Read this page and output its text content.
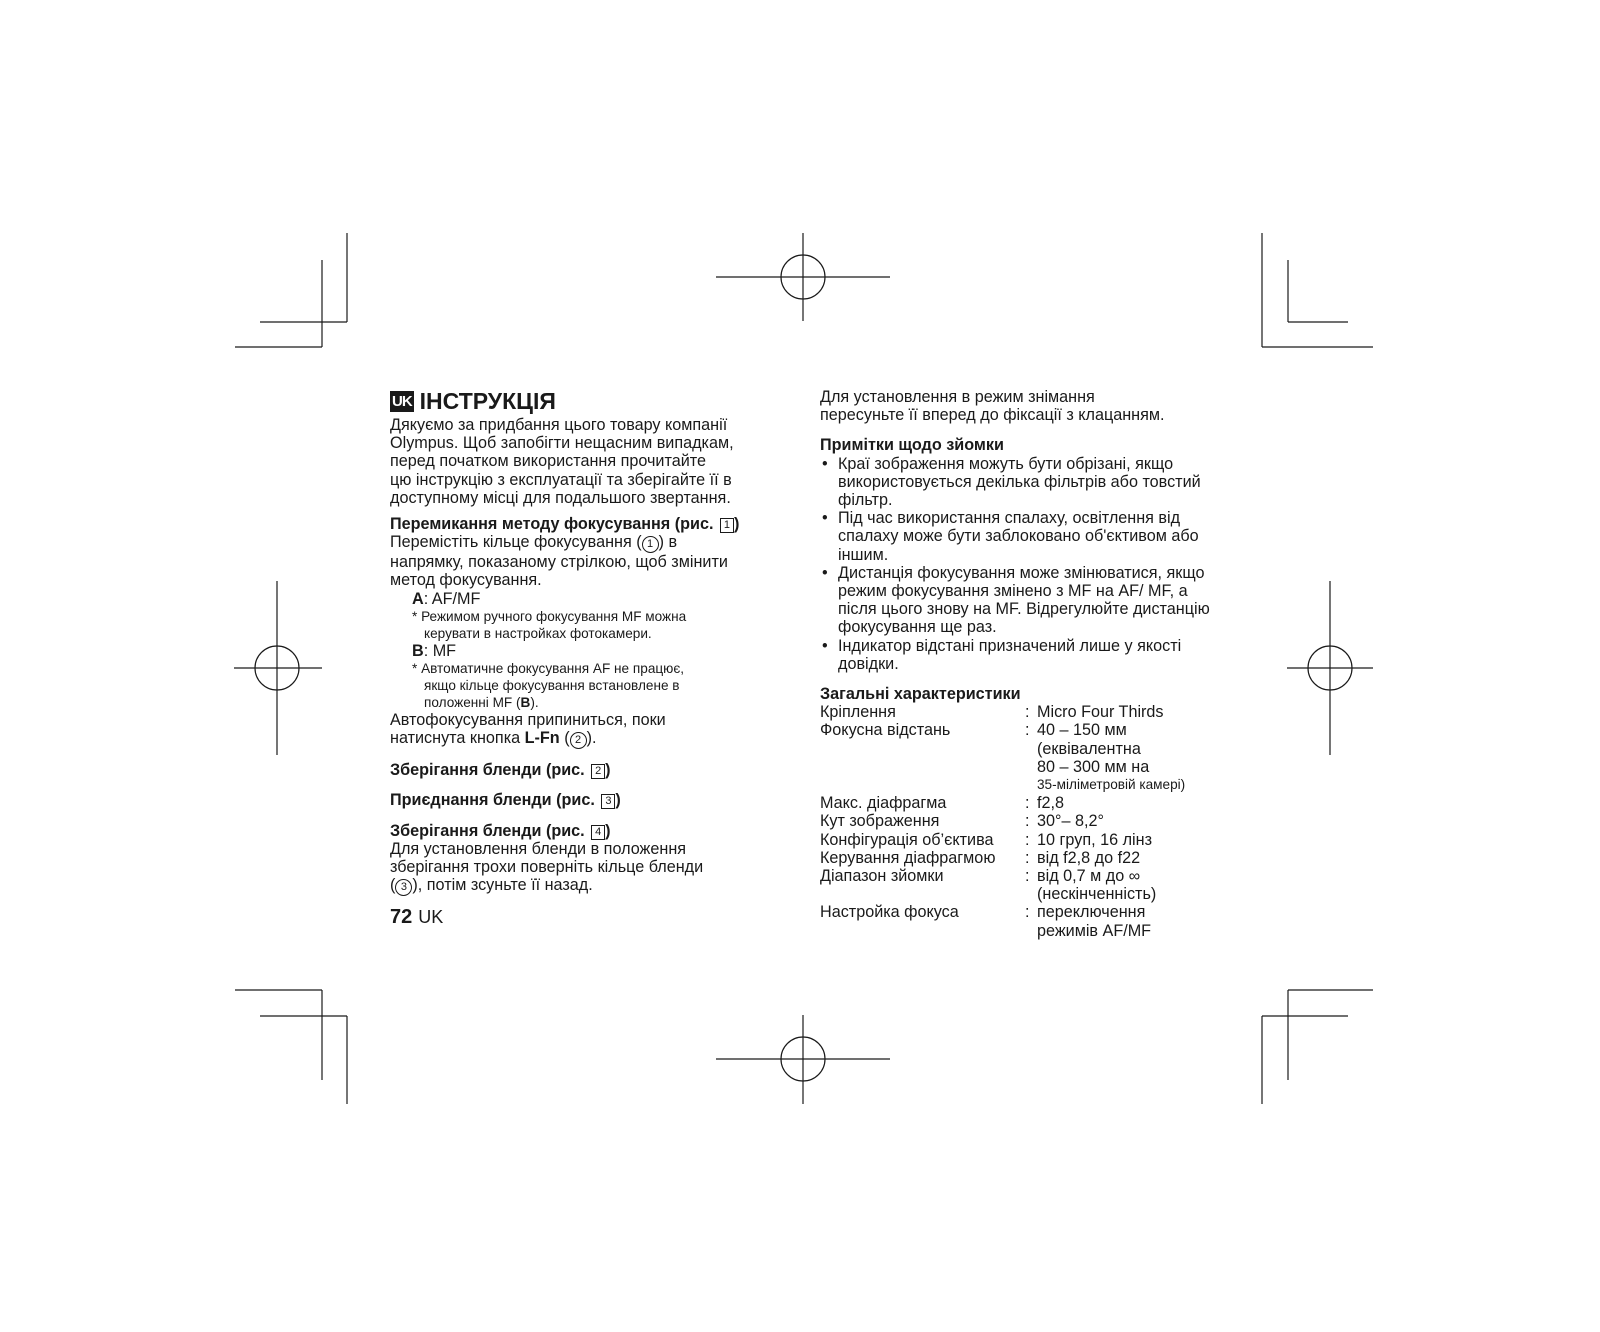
UK ІНСТРУКЦІЯ

Дякуємо за придбання цього товару компанії

Olympus. Щоб запобігти нещасним випадкам,

перед початком використання прочитайте

цю інструкцію з експлуатації та зберігайте її в

доступному місці для подальшого звертання.

Перемикання методу фокусування (рис. 1 )

Перемістіть кільце фокусування ( 1 ) в

напрямку, показаному стрілкою, щоб змінити

метод фокусування.

A: AF/MF

* Режимом ручного фокусування MF можна
керувати в настройках фотокамери.

B: MF

* Автоматичне фокусування AF не працює,
якщо кільце фокусування встановлене в
положенні MF (B).

Автофокусування припиниться, поки

натиснута кнопка L-Fn ( 2 ).

Зберігання бленди (рис. 2 )

Приєднання бленди (рис. 3 )

Зберігання бленди (рис. 4 )

Для установлення бленди в положення

зберігання трохи поверніть кільце бленди

( 3 ), потім зсуньте її назад.

72 UK

Для установлення в режим знімання

пересуньте її вперед до фіксації з клацанням.

Примітки щодо зйомки

• Краї зображення можуть бути обрізані, якщо використовується декілька фільтрів або товстий фільтр.
• Під час використання спалаху, освітлення від спалаху може бути заблоковано об'єктивом або іншим.
• Дистанція фокусування може змінюватися, якщо режим фокусування змінено з MF на AF/ MF, а після цього знову на MF. Відрегулюйте дистанцію фокусування ще раз.
• Індикатор відстані призначений лише у якості довідки.

Загальні характеристики

Кріплення	: Micro Four Thirds
Фокусна відстань	: 40 – 150 мм
(еквівалентна
80 – 300 мм на
35-міліметровій камері)
Макс. діафрагма	: f2,8
Кут зображення	: 30°– 8,2°
Конфігурація об’єктива	: 10 груп, 16 лінз
Керування діафрагмою	: від f2,8 до f22
Діапазон зйомки	: від 0,7 м до ∞
(нескінченність)
Настройка фокуса	: переключення
режимів AF/MF
